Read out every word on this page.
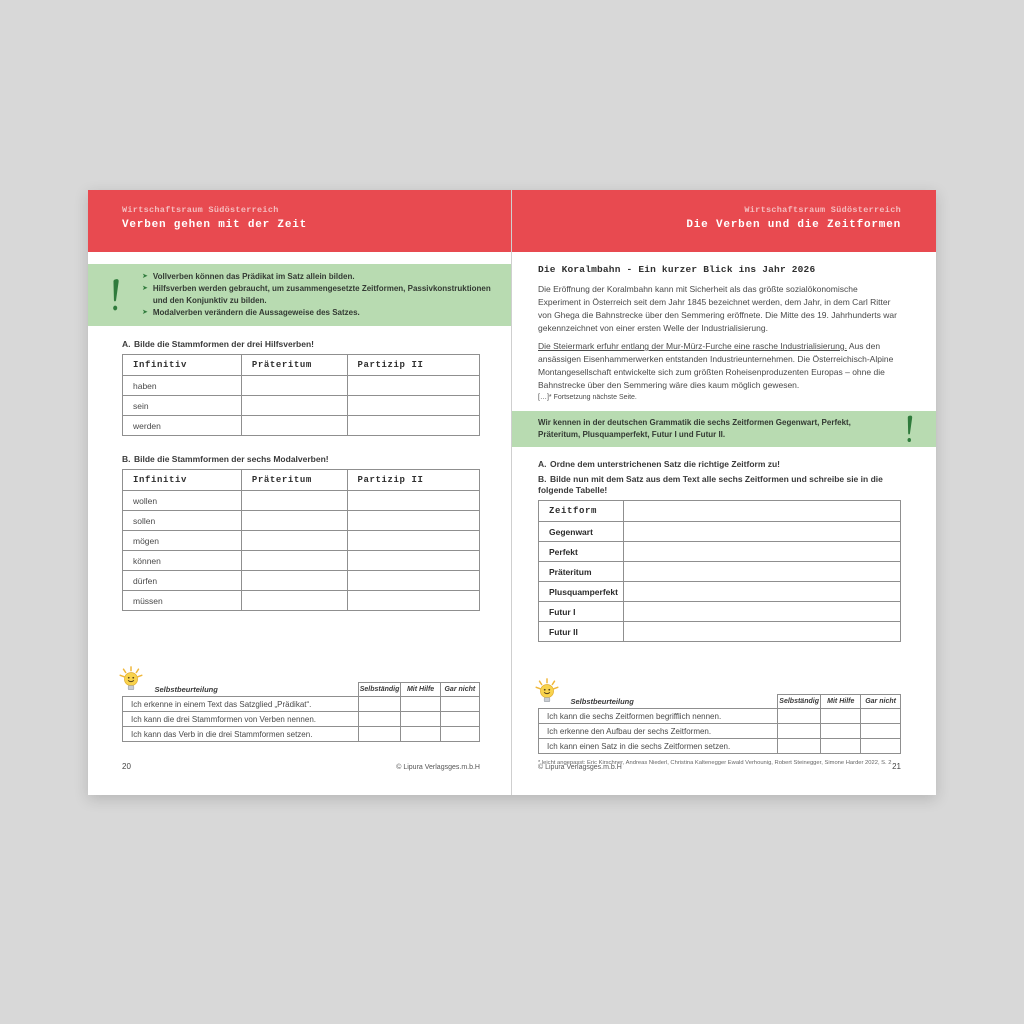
Wirtschaftsraum Südösterreich
Verben gehen mit der Zeit
➤ Vollverben können das Prädikat im Satz allein bilden.
➤ Hilfsverben werden gebraucht, um zusammengesetzte Zeitformen, Passivkonstruktionen und den Konjunktiv zu bilden.
➤ Modalverben verändern die Aussageweise des Satzes.
A. Bilde die Stammformen der drei Hilfsverben!
Infinitiv	Präteritum	Partizip II
haben		
sein		
werden		
B. Bilde die Stammformen der sechs Modalverben!
Infinitiv	Präteritum	Partizip II
wollen		
sollen		
mögen		
können		
dürfen		
müssen		
Selbstbeurteilung	Selbständig	Mit Hilfe	Gar nicht
Ich erkenne in einem Text das Satzglied „Prädikat“.			
Ich kann die drei Stammformen von Verben nennen.			
Ich kann das Verb in die drei Stammformen setzen.			
20	© Lipura Verlagsges.m.b.H
Wirtschaftsraum Südösterreich
Die Verben und die Zeitformen
Die Koralmbahn - Ein kurzer Blick ins Jahr 2026

Die Eröffnung der Koralmbahn kann mit Sicherheit als das größte sozialökonomische Experiment in Österreich seit dem Jahr 1845 bezeichnet werden, dem Jahr, in dem Carl Ritter von Ghega die Bahnstrecke über den Semmering eröffnete. Die Mitte des 19. Jahrhunderts war gekennzeichnet von einer ersten Welle der Industrialisierung.

Die Steiermark erfuhr entlang der Mur-Mürz-Furche eine rasche Industrialisierung. Aus den ansässigen Eisenhammerwerken entstanden Industrieunternehmen. Die Österreichisch-Alpine Montangesellschaft entwickelte sich zum größten Roheisenproduzenten Europas – ohne die Bahnstrecke über den Semmering wäre dies kaum möglich gewesen.

[…]* Fortsetzung nächste Seite.
Wir kennen in der deutschen Grammatik die sechs Zeitformen Gegenwart, Perfekt, Präteritum, Plusquamperfekt, Futur I und Futur II.
A. Ordne dem unterstrichenen Satz die richtige Zeitform zu!
B. Bilde nun mit dem Satz aus dem Text alle sechs Zeitformen und schreibe sie in die folgende Tabelle!
Zeitform	
Gegenwart	
Perfekt	
Präteritum	
Plusquamperfekt	
Futur I	
Futur II	
Selbstbeurteilung	Selbständig	Mit Hilfe	Gar nicht
Ich kann die sechs Zeitformen begrifflich nennen.			
Ich erkenne den Aufbau der sechs Zeitformen.			
Ich kann einen Satz in die sechs Zeitformen setzen.			
* leicht angepasst: Eric Kirschner, Andreas Niederl, Christina Kaltenegger Ewald Verhounig, Robert Steinegger, Simone Harder 2022, S. 2
© Lipura Verlagsges.m.b.H	21
